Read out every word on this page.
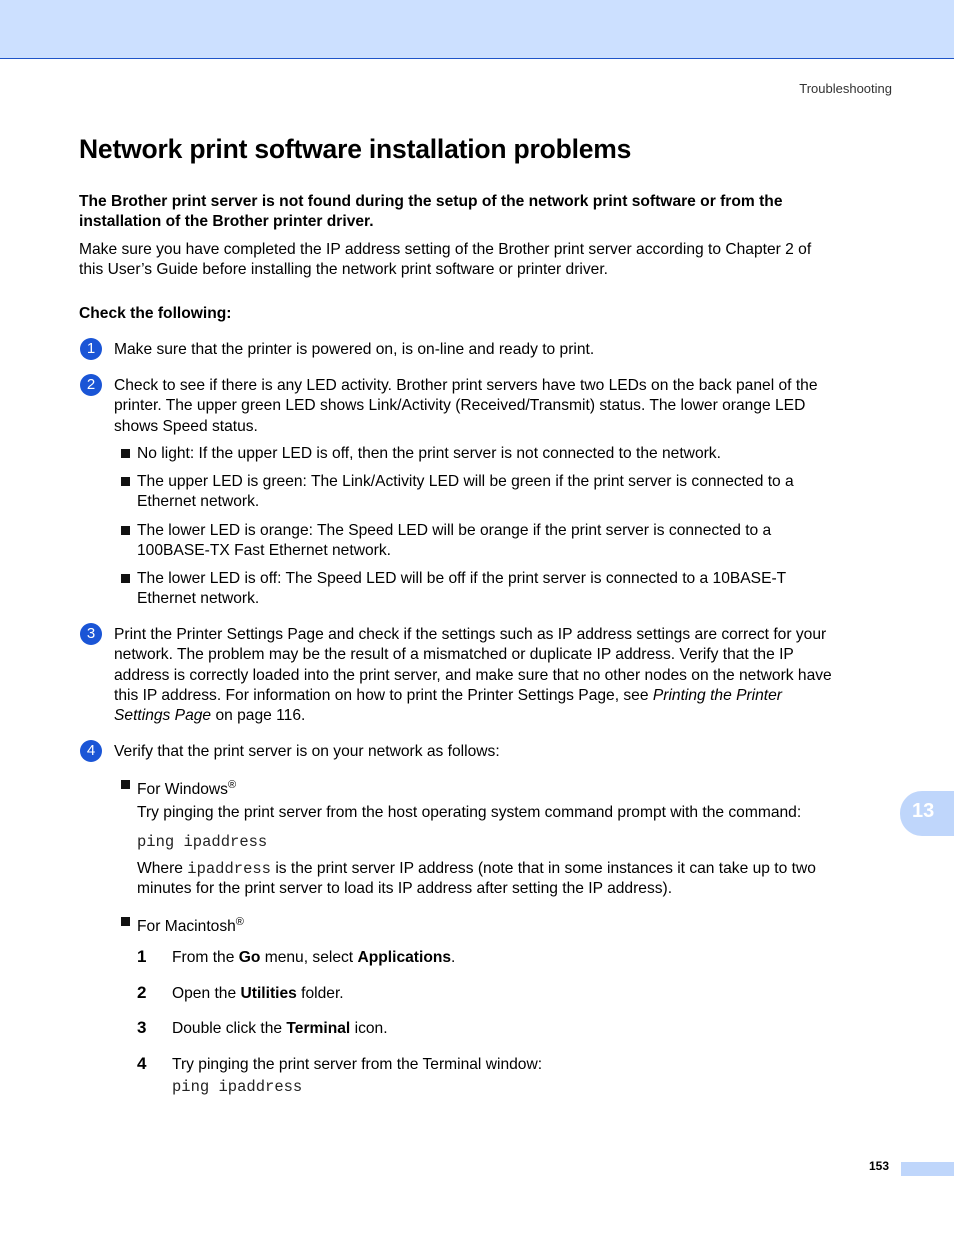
Troubleshooting
Network print software installation problems
The Brother print server is not found during the setup of the network print software or from the
installation of the Brother printer driver.
Make sure you have completed the IP address setting of the Brother print server according to Chapter 2 of
this User’s Guide before installing the network print software or printer driver.
Check the following:
1	Make sure that the printer is powered on, is on-line and ready to print.
2	Check to see if there is any LED activity. Brother print servers have two LEDs on the back panel of the
printer. The upper green LED shows Link/Activity (Received/Transmit) status. The lower orange LED
shows Speed status.
No light: If the upper LED is off, then the print server is not connected to the network.
The upper LED is green: The Link/Activity LED will be green if the print server is connected to a
Ethernet network.
The lower LED is orange: The Speed LED will be orange if the print server is connected to a
100BASE-TX Fast Ethernet network.
The lower LED is off: The Speed LED will be off if the print server is connected to a 10BASE-T
Ethernet network.
3	Print the Printer Settings Page and check if the settings such as IP address settings are correct for your
network. The problem may be the result of a mismatched or duplicate IP address. Verify that the IP
address is correctly loaded into the print server, and make sure that no other nodes on the network have
this IP address. For information on how to print the Printer Settings Page, see Printing the Printer
Settings Page on page 116.
4	Verify that the print server is on your network as follows:
For Windows®
Try pinging the print server from the host operating system command prompt with the command:
ping ipaddress
Where ipaddress is the print server IP address (note that in some instances it can take up to two
minutes for the print server to load its IP address after setting the IP address).
For Macintosh®
1 From the Go menu, select Applications.
2 Open the Utilities folder.
3 Double click the Terminal icon.
4 Try pinging the print server from the Terminal window:
ping ipaddress
13
153
